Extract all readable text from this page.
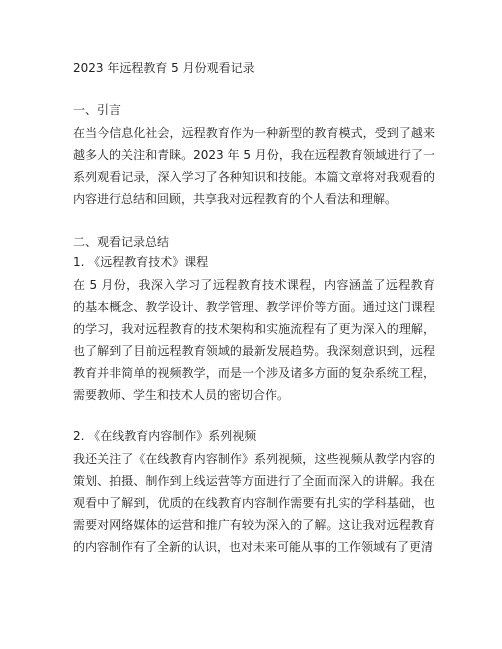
2023 年远程教育 5 月份观看记录
一、引言

在当今信息化社会，远程教育作为一种新型的教育模式，受到了越来越多人的关注和青睐。2023 年 5 月份，我在远程教育领域进行了一系列观看记录，深入学习了各种知识和技能。本篇文章将对我观看的内容进行总结和回顾，共享我对远程教育的个人看法和理解。

二、观看记录总结
1. 《远程教育技术》课程

在 5 月份，我深入学习了远程教育技术课程，内容涵盖了远程教育的基本概念、教学设计、教学管理、教学评价等方面。通过这门课程的学习，我对远程教育的技术架构和实施流程有了更为深入的理解，也了解到了目前远程教育领域的最新发展趋势。我深刻意识到，远程教育并非简单的视频教学，而是一个涉及诸多方面的复杂系统工程，需要教师、学生和技术人员的密切合作。

2. 《在线教育内容制作》系列视频

我还关注了《在线教育内容制作》系列视频，这些视频从教学内容的策划、拍摄、制作到上线运营等方面进行了全面而深入的讲解。我在观看中了解到，优质的在线教育内容制作需要有扎实的学科基础，也需要对网络媒体的运营和推广有较为深入的了解。这让我对远程教育的内容制作有了全新的认识，也对未来可能从事的工作领域有了更清
